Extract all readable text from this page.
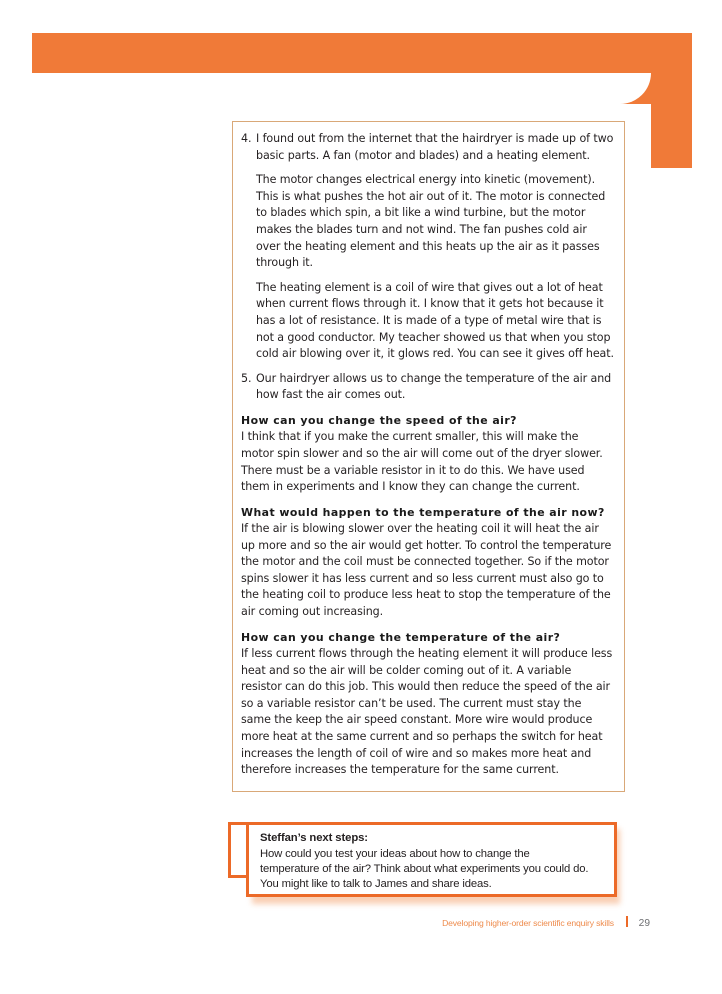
4. I found out from the internet that the hairdryer is made up of two basic parts. A fan (motor and blades) and a heating element.
The motor changes electrical energy into kinetic (movement). This is what pushes the hot air out of it. The motor is connected to blades which spin, a bit like a wind turbine, but the motor makes the blades turn and not wind. The fan pushes cold air over the heating element and this heats up the air as it passes through it.
The heating element is a coil of wire that gives out a lot of heat when current flows through it. I know that it gets hot because it has a lot of resistance. It is made of a type of metal wire that is not a good conductor. My teacher showed us that when you stop cold air blowing over it, it glows red. You can see it gives off heat.
5. Our hairdryer allows us to change the temperature of the air and how fast the air comes out.
How can you change the speed of the air?
I think that if you make the current smaller, this will make the motor spin slower and so the air will come out of the dryer slower. There must be a variable resistor in it to do this. We have used them in experiments and I know they can change the current.
What would happen to the temperature of the air now?
If the air is blowing slower over the heating coil it will heat the air up more and so the air would get hotter. To control the temperature the motor and the coil must be connected together. So if the motor spins slower it has less current and so less current must also go to the heating coil to produce less heat to stop the temperature of the air coming out increasing.
How can you change the temperature of the air?
If less current flows through the heating element it will produce less heat and so the air will be colder coming out of it. A variable resistor can do this job. This would then reduce the speed of the air so a variable resistor can’t be used. The current must stay the same the keep the air speed constant. More wire would produce more heat at the same current and so perhaps the switch for heat increases the length of coil of wire and so makes more heat and therefore increases the temperature for the same current.
Steffan’s next steps:
How could you test your ideas about how to change the
temperature of the air? Think about what experiments you could do.
You might like to talk to James and share ideas.
Developing higher-order scientific enquiry skills 29
